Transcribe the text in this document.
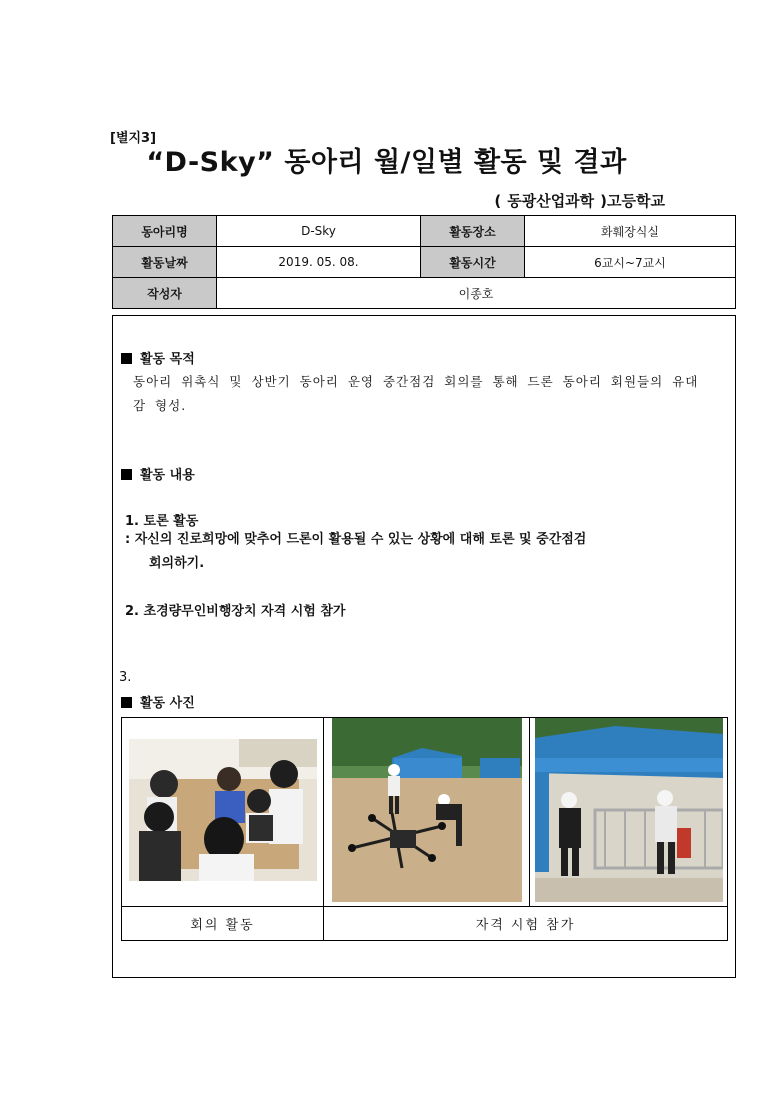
[별지3]
“D-Sky” 동아리 월/일별 활동 및 결과
( 동광산업과학 )고등학교
동아리명	D-Sky	활동장소	화훼장식실
활동날짜	2019. 05. 08.	활동시간	6교시~7교시
작성자	이종호		
활동 목적
동아리 위촉식 및 상반기 동아리 운영 중간점검 회의를 통해 드론 동아리 회원들의 유대
감 형성.
활동 내용
1. 토론 활동
: 자신의 진로희망에 맞추어 드론이 활용될 수 있는 상황에 대해 토론 및 중간점검
회의하기.
2. 초경량무인비행장치 자격 시험 참가
3.
활동 사진

회의 활동	자격 시험 참가	
